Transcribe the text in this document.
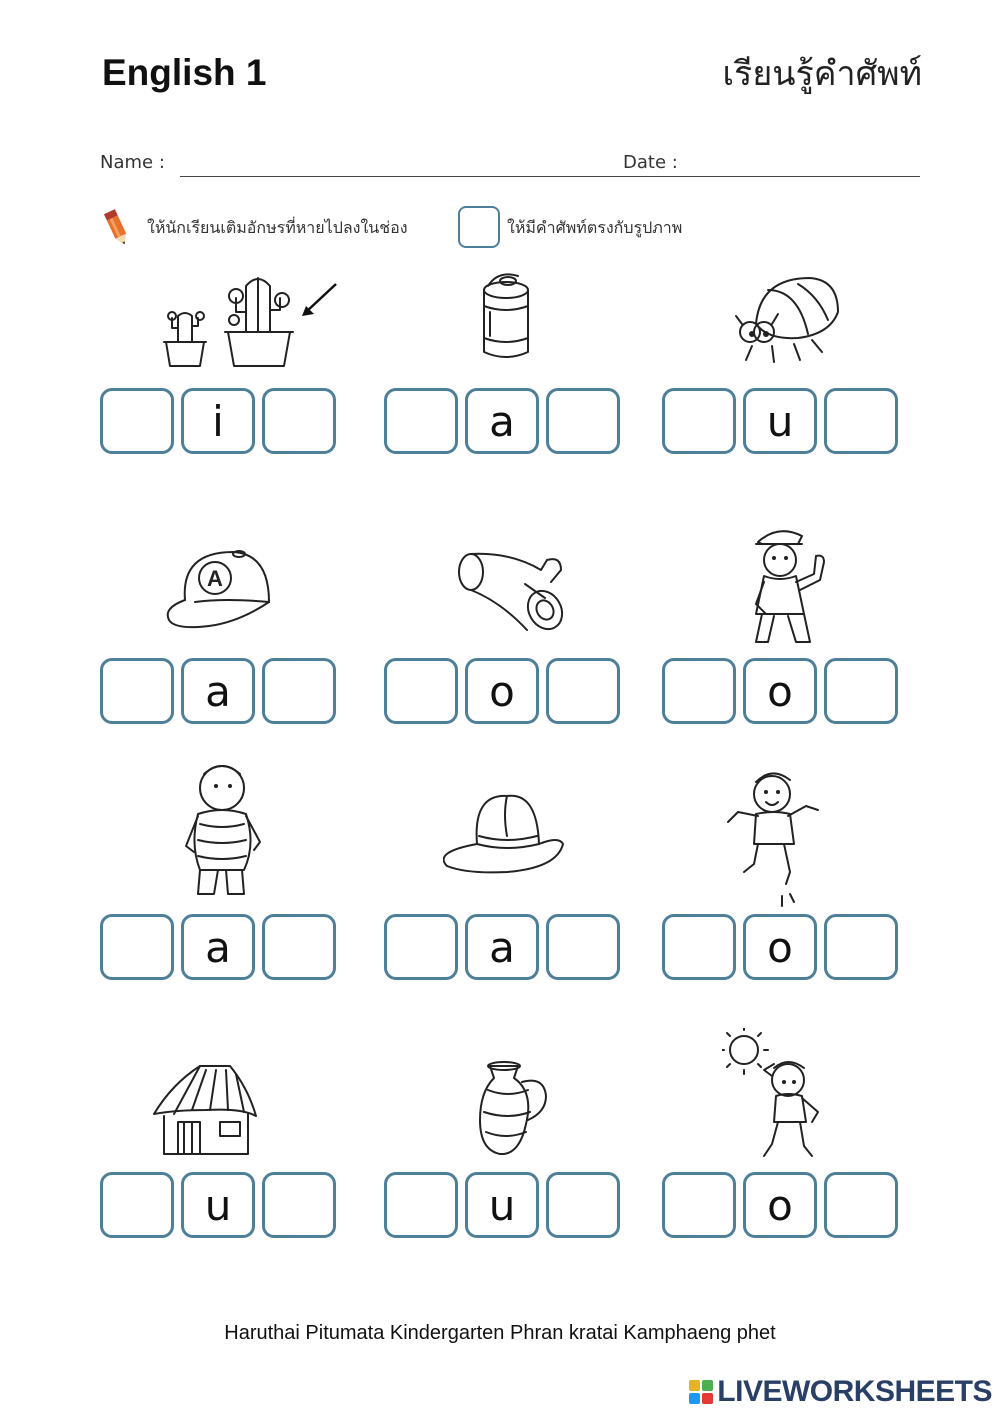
English 1	เรียนรู้คำศัพท์
Name :	Date :
ให้นักเรียนเติมอักษรที่หายไปลงในช่อง	ให้มีคำศัพท์ตรงกับรูปภาพ
A
i	a	u
a	o	o
a	a	o
u	u	o
Haruthai Pitumata Kindergarten Phran kratai Kamphaeng phet
LIVEWORKSHEETS
